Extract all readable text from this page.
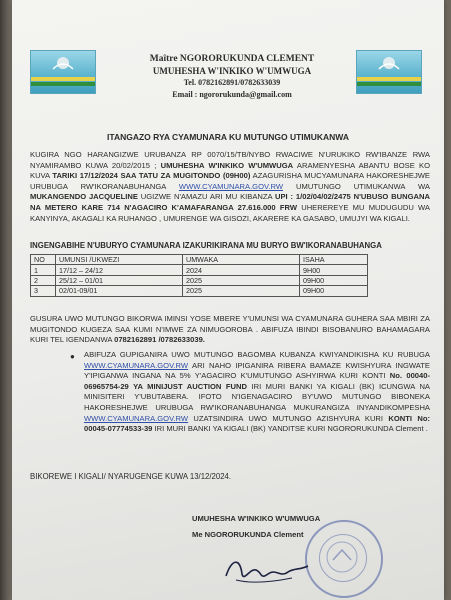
Maître NGORORUKUNDA CLEMENT
UMUHESHA W'INKIKO W'UMWUGA
Tel. 0782162891/0782633039
Email : ngororukunda@gmail.com
ITANGAZO RYA CYAMUNARA KU MUTUNGO UTIMUKANWA
KUGIRA NGO HARANGIZWE URUBANZA RP 0070/15/TB/NYBO RWACIWE N'URUKIKO RW'IBANZE RWA NYAMIRAMBO KUWA 20/02/2015 ; UMUHESHA W'INKIKO W'UMWUGA ARAMENYESHA ABANTU BOSE KO KUVA TARIKI 17/12/2024 SAA TATU ZA MUGITONDO (09H00) AZAGURISHA MUCYAMUNARA HAKORESHEJWE URUBUGA RW'IKORANABUHANGA WWW.CYAMUNARA.GOV.RW UMUTUNGO UTIMUKANWA WA MUKANGENDO JACQUELINE UGIZWE N'AMAZU ARI MU KIBANZA UPI : 1/02/04/02/2475 N'UBUSO BUNGANA NA METERO KARE 714 N'AGACIRO K'AMAFARANGA 27.616.000 FRW UHEREREYE MU MUDUGUDU WA KANYINYA, AKAGALI KA RUHANGO , UMURENGE WA GISOZI, AKARERE KA GASABO, UMUJYI WA KIGALI.
INGENGABIHE N'UBURYO CYAMUNARA IZAKURIKIRANA MU BURYO BW'IKORANABUHANGA
NO	UMUNSI /UKWEZI	UMWAKA	ISAHA
1	17/12 – 24/12	2024	9H00
2	25/12 – 01/01	2025	09H00
3	02/01-09/01	2025	09H00
GUSURA UWO MUTUNGO BIKORWA IMINSI YOSE MBERE Y'UMUNSI WA CYAMUNARA GUHERA SAA MBIRI ZA MUGITONDO KUGEZA SAA KUMI N'IMWE ZA NIMUGOROBA . ABIFUZA IBINDI BISOBANURO BAHAMAGARA KURI TEL IGENDANWA 0782162891 /0782633039.
● ABIFUZA GUPIGANIRA UWO MUTUNGO BAGOMBA KUBANZA KWIYANDIKISHA KU RUBUGA WWW.CYAMUNARA.GOV.RW ARI NAHO IPIGANIRA RIBERA BAMAZE KWISHYURA INGWATE Y'IPIGANWA INGANA NA 5% Y'AGACIRO K'UMUTUNGO ASHYIRWA KURI KONTI No. 00040-06965754-29 YA MINIJUST AUCTION FUND IRI MURI BANKI YA KIGALI (BK) ICUNGWA NA MINISITERI Y'UBUTABERA. IFOTO N'IGENAGACIRO BY'UWO MUTUNGO BIBONEKA HAKORESHEJWE URUBUGA RW'IKORANABUHANGA MUKURANGIZA INYANDIKOMPESHA WWW.CYAMUNARA.GOV.RW UZATSINDIRA UWO MUTUNGO AZISHYURA KURI KONTI No: 00045-07774533-39 IRI MURI BANKI YA KIGALI (BK) YANDITSE KURI NGORORUKUNDA Clement .
BIKOREWE I KIGALI/ NYARUGENGE KUWA 13/12/2024.
UMUHESHA W'INKIKO W'UMWUGA
Me NGORORUKUNDA Clement
